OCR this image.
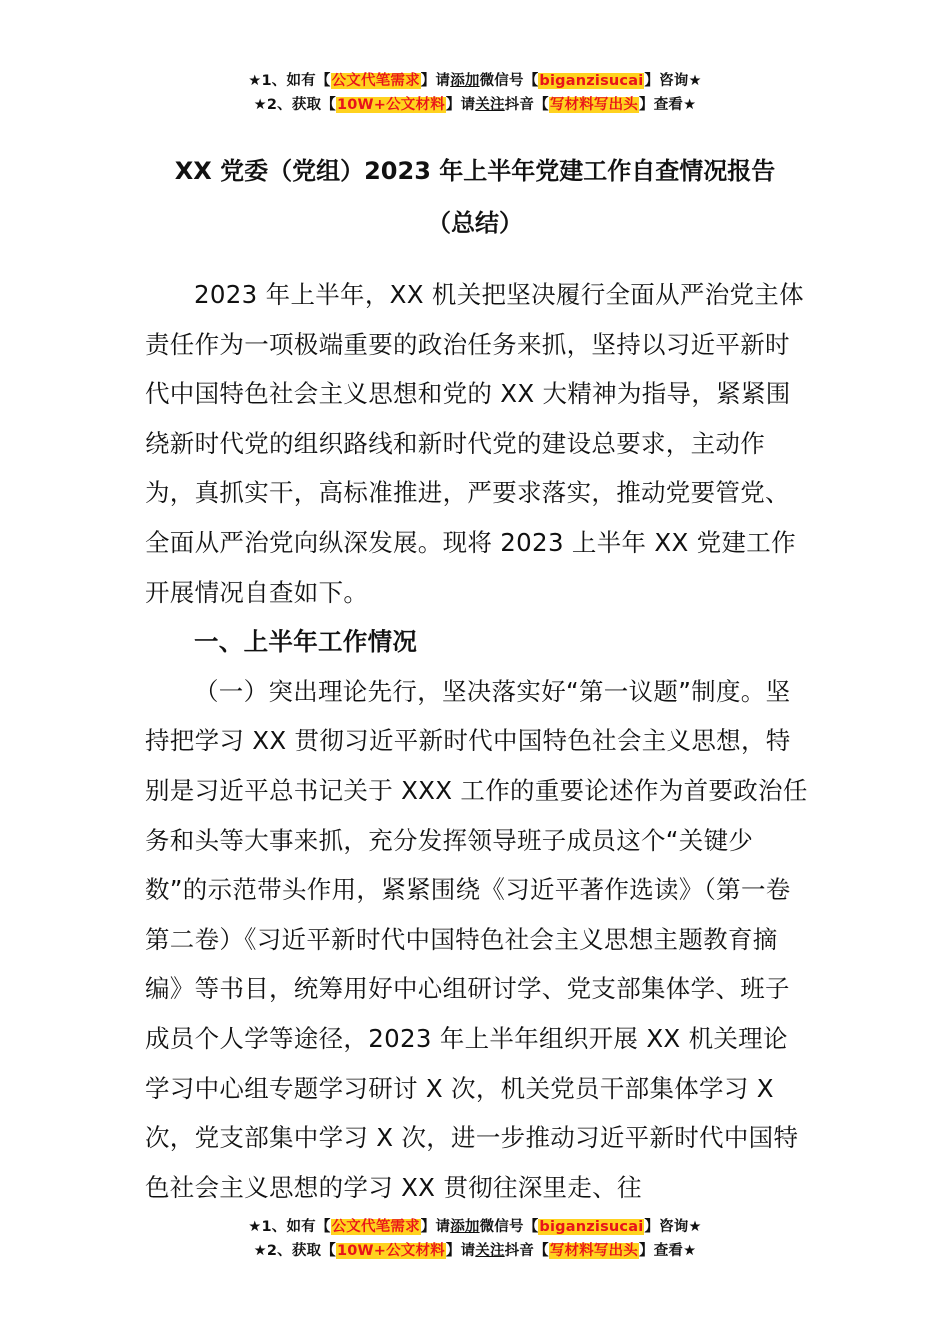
★1、如有【公文代笔需求】请添加微信号【biganzisucai】咨询★
★2、获取【10W+公文材料】请关注抖音【写材料写出头】查看★
XX 党委（党组）2023 年上半年党建工作自查情况报告
（总结）

2023 年上半年，XX 机关把坚决履行全面从严治党主体责任作为一项极端重要的政治任务来抓，坚持以习近平新时代中国特色社会主义思想和党的 XX 大精神为指导，紧紧围绕新时代党的组织路线和新时代党的建设总要求，主动作为，真抓实干，高标准推进，严要求落实，推动党要管党、全面从严治党向纵深发展。现将 2023 上半年 XX 党建工作开展情况自查如下。

一、上半年工作情况

（一）突出理论先行，坚决落实好“第一议题”制度。坚持把学习 XX 贯彻习近平新时代中国特色社会主义思想，特别是习近平总书记关于 XXX 工作的重要论述作为首要政治任务和头等大事来抓，充分发挥领导班子成员这个“关键少数”的示范带头作用，紧紧围绕《习近平著作选读》（第一卷第二卷）《习近平新时代中国特色社会主义思想主题教育摘编》等书目，统筹用好中心组研讨学、党支部集体学、班子成员个人学等途径，2023 年上半年组织开展 XX 机关理论学习中心组专题学习研讨 X 次，机关党员干部集体学习 X 次，党支部集中学习 X 次，进一步推动习近平新时代中国特色社会主义思想的学习 XX 贯彻往深里走、往

★1、如有【公文代笔需求】请添加微信号【biganzisucai】咨询★
★2、获取【10W+公文材料】请关注抖音【写材料写出头】查看★
